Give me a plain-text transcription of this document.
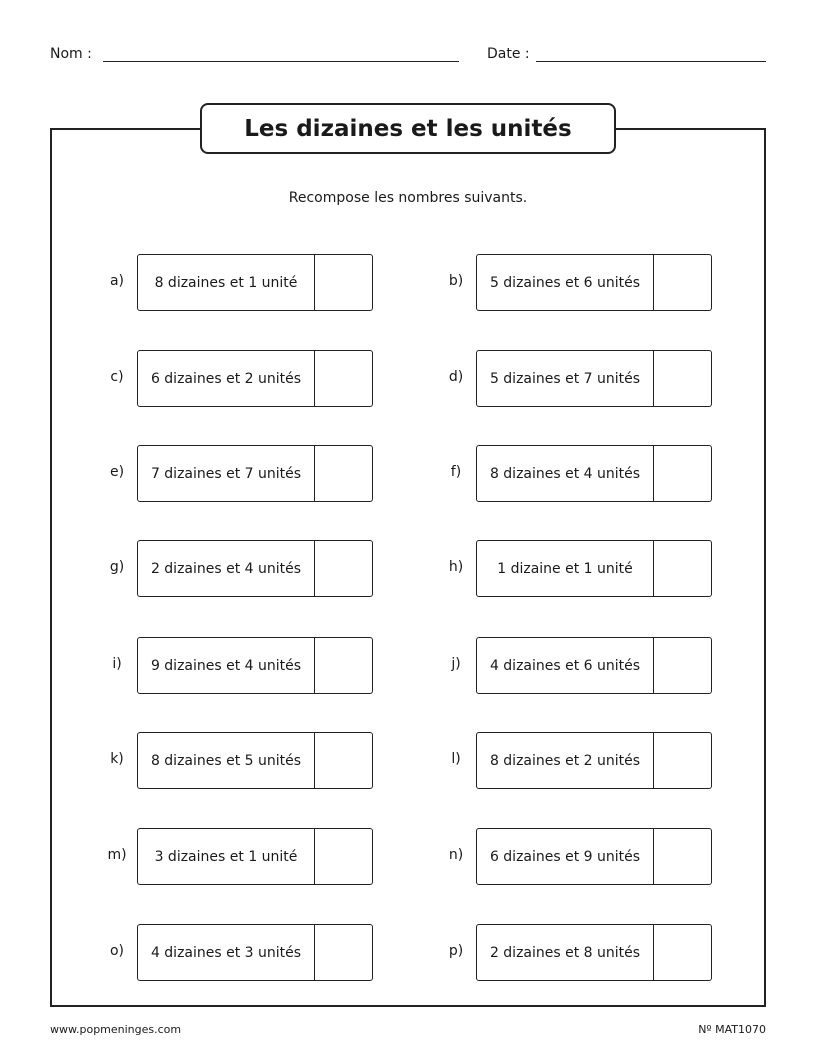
Nom :	Date :
Les dizaines et les unités
Recompose les nombres suivants.
a)	8 dizaines et 1 unité	b)	5 dizaines et 6 unités
c)	6 dizaines et 2 unités	d)	5 dizaines et 7 unités
e)	7 dizaines et 7 unités	f)	8 dizaines et 4 unités
g)	2 dizaines et 4 unités	h)	1 dizaine et 1 unité
i)	9 dizaines et 4 unités	j)	4 dizaines et 6 unités
k)	8 dizaines et 5 unités	l)	8 dizaines et 2 unités
m)	3 dizaines et 1 unité	n)	6 dizaines et 9 unités
o)	4 dizaines et 3 unités	p)	2 dizaines et 8 unités
www.popmeninges.com	Nº MAT1070
